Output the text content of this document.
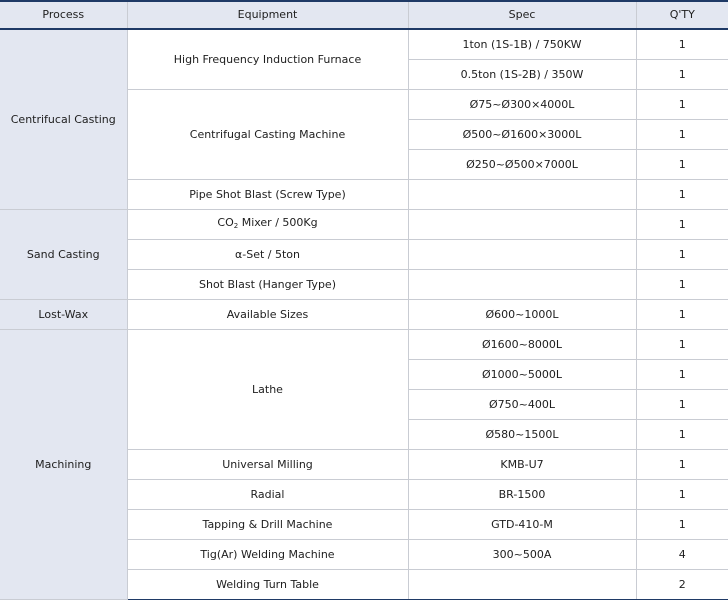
Process	Equipment	Spec	Q'TY
Centrifucal Casting	High Frequency Induction Furnace	1ton (1S-1B) / 750KW	1
		0.5ton (1S-2B) / 350W	1
	Centrifugal Casting Machine	Ø75~Ø300×4000L	1
		Ø500~Ø1600×3000L	1
		Ø250~Ø500×7000L	1
	Pipe Shot Blast (Screw Type)		1
Sand Casting	$CO_2$ Mixer / 500Kg		1
	α-Set / 5ton		1
	Shot Blast (Hanger Type)		1
Lost-Wax	Available Sizes	Ø600~1000L	1
Machining	Lathe	Ø1600~8000L	1
		Ø1000~5000L	1
		Ø750~400L	1
		Ø580~1500L	1
	Universal Milling	KMB-U7	1
	Radial	BR-1500	1
	Tapping & Drill Machine	GTD-410-M	1
	Tig(Ar) Welding Machine	300~500A	4
	Welding Turn Table		2
